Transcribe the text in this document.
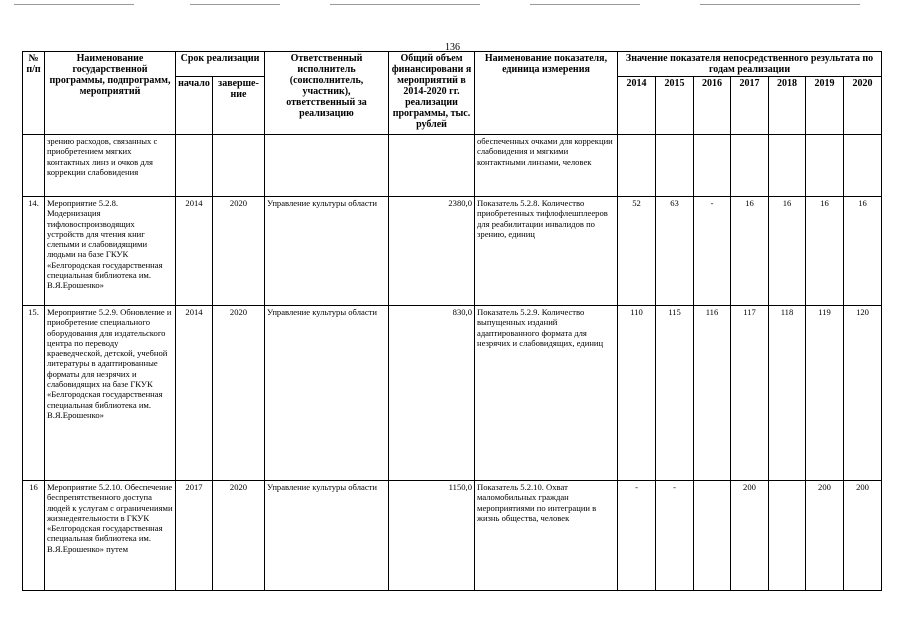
136
№ п/п	Наименование государственной программы, подпрограмм, мероприятий	Срок реализации		Ответственный исполнитель (соисполнитель, участник), ответственный за реализацию	Общий объем финансировани я мероприятий в 2014-2020 гг. реализации программы, тыс. рублей	Наименование показателя, единица измерения	Значение показателя непосредственного результата по годам реализации						
		начало	заверше-ние				2014	2015	2016	2017	2018	2019	2020
	зрению расходов, связанных с приобретением мягких контактных линз и очков для коррекции слабовидения					обеспеченных очками для коррекции слабовидения и мягкими контактными линзами, человек							
14.	Мероприятие 5.2.8. Модернизация тифловоспроизводящих устройств для чтения книг слепыми и слабовидящими людьми на базе ГКУК «Белгородская государственная специальная библиотека им. В.Я.Ерошенко»	2014	2020	Управление культуры области	2380,0	Показатель 5.2.8. Количество приобретенных тифлофлешплееров для реабилитации инвалидов по зрению, единиц	52	63	-	16	16	16	16
15.	Мероприятие 5.2.9. Обновление и приобретение специального оборудования для издательского центра по переводу краеведческой, детской, учебной литературы в адаптированные форматы для незрячих и слабовидящих на базе ГКУК «Белгородская государственная специальная библиотека им. В.Я.Ерошенко»	2014	2020	Управление культуры области	830,0	Показатель 5.2.9. Количество выпущенных изданий адаптированного формата для незрячих и слабовидящих, единиц	110	115	116	117	118	119	120
16	Мероприятие 5.2.10. Обеспечение беспрепятственного доступа людей к услугам с ограничениями жизнедеятельности в ГКУК «Белгородская государственная специальная библиотека им. В.Я.Ерошенко» путем	2017	2020	Управление культуры области	1150,0	Показатель 5.2.10. Охват маломобильных граждан мероприятиями по интеграции в жизнь общества, человек	-	-		200		200	200
